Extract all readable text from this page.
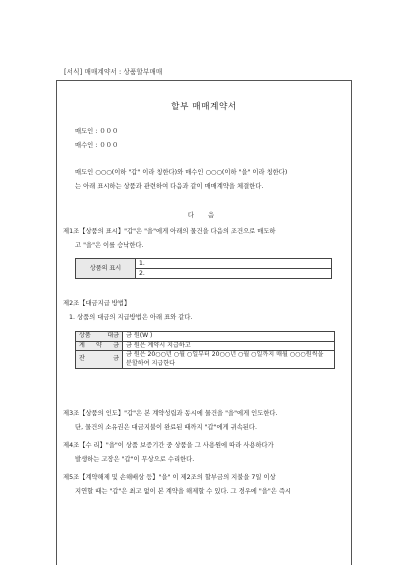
[서식] 매매계약서 : 상품할부매매
할부 매매계약서
매도인 : ０００
매수인 : ０００
매도인 ○○○(이하 "갑" 이라 칭한다)와 매수인 ○○○(이하 "을" 이라 칭한다)
는 아래 표시하는 상품과 관련하여 다음과 같이 매매계약을 체결한다.
다 음
제1조【상품의 표시】"갑"은 "을"에게 아래의 물건을 다음의 조건으로 매도하
고 "을"은 이를 승낙한다.
상품의 표시	1.
2.
제2조【대금지급 방법】
1. 상품의 대금의 지급방법은 아래 표와 같다.
상품 대금	금 원(W )
계 약 금	금 원은 계약시 지급하고
잔 금	금 원은 20○○년 ○월 ○일부터 20○○년 ○월 ○일까지 매월 ○○○원씩을 분할하여 지급한다
제3조【상품의 인도】"갑"은 본 계약성립과 동시에 물건을 "을"에게 인도한다.
단, 물건의 소유권은 대금지불이 완료된 때까지 "갑"에게 귀속된다.
제4조【수 리】"을"이 상품 보증기간 중 상품을 그 사용원에 따라 사용하다가
발생하는 고장은 "갑"이 무상으로 수리한다.
제5조【계약해제 및 손해배상 등】"을" 이 제2조의 할부금의 지불을 7일 이상
지연할 때는 "갑"은 최고 없이 본 계약을 해제할 수 있다. 그 경우에 "을"은 즉시
